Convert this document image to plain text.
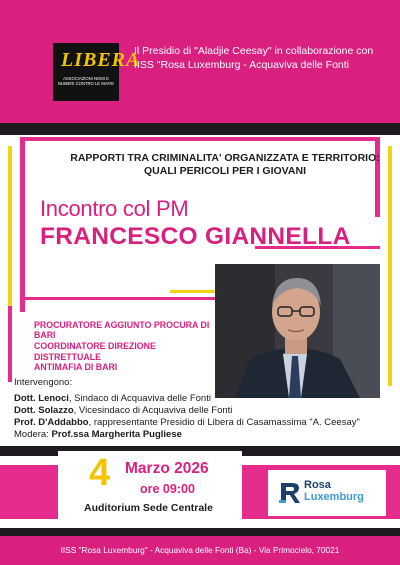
LIBERA
ASSOCIAZIONI NOMI E NUMERI CONTRO LE MAFIE
Il Presidio di "Aladjie Ceesay" in collaborazione con
IISS "Rosa Luxemburg - Acquaviva delle Fonti
RAPPORTI TRA CRIMINALITA' ORGANIZZATA E TERRITORIO:
QUALI PERICOLI PER I GIOVANI
Incontro col PM
FRANCESCO GIANNELLA
PROCURATORE AGGIUNTO PROCURA DI BARI
COORDINATORE DIREZIONE DISTRETTUALE
ANTIMAFIA DI BARI
Intervengono:
Dott. Lenoci, Sindaco di Acquaviva delle Fonti
Dott. Solazzo, Vicesindaco di Acquaviva delle Fonti
Prof. D'Addabbo, rappresentante Presidio di Libera di Casamassima "A. Ceesay"
Modera: Prof.ssa Margherita Pugliese
4 Marzo 2026
ore 09:00
Auditorium Sede Centrale
Rosa
Luxemburg
IISS "Rosa Luxemburg" - Acquaviva delle Fonti (Ba) - Via Primocielo, 70021
